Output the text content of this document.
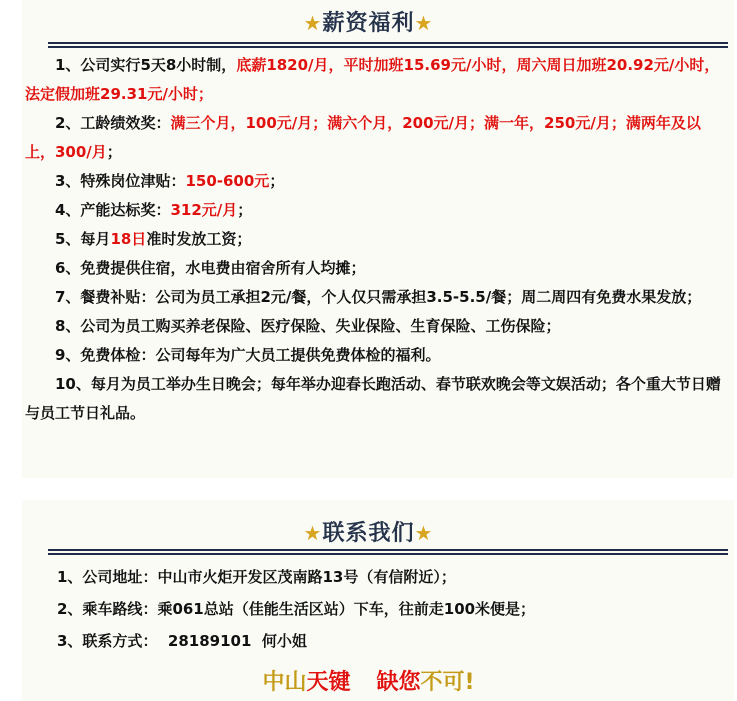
★薪资福利★

1、公司实行5天8小时制，底薪1820/月，平时加班15.69元/小时，周六周日加班20.92元/小时，法定假加班29.31元/小时；

2、工龄绩效奖：满三个月，100元/月；满六个月，200元/月；满一年，250元/月；满两年及以上，300/月；

3、特殊岗位津贴：150-600元；

4、产能达标奖：312元/月；

5、每月18日准时发放工资；

6、免费提供住宿，水电费由宿舍所有人均摊；

7、餐费补贴：公司为员工承担2元/餐，个人仅只需承担3.5-5.5/餐；周二周四有免费水果发放；

8、公司为员工购买养老保险、医疗保险、失业保险、生育保险、工伤保险；

9、免费体检：公司每年为广大员工提供免费体检的福利。

10、每月为员工举办生日晚会；每年举办迎春长跑活动、春节联欢晚会等文娱活动；各个重大节日赠与员工节日礼品。

★联系我们★
1、公司地址：中山市火炬开发区茂南路13号（有信附近）；
2、乘车路线：乘061总站（佳能生活区站）下车，往前走100米便是；
3、联系方式：  28189101  何小姐
中山天键 缺您不可!
